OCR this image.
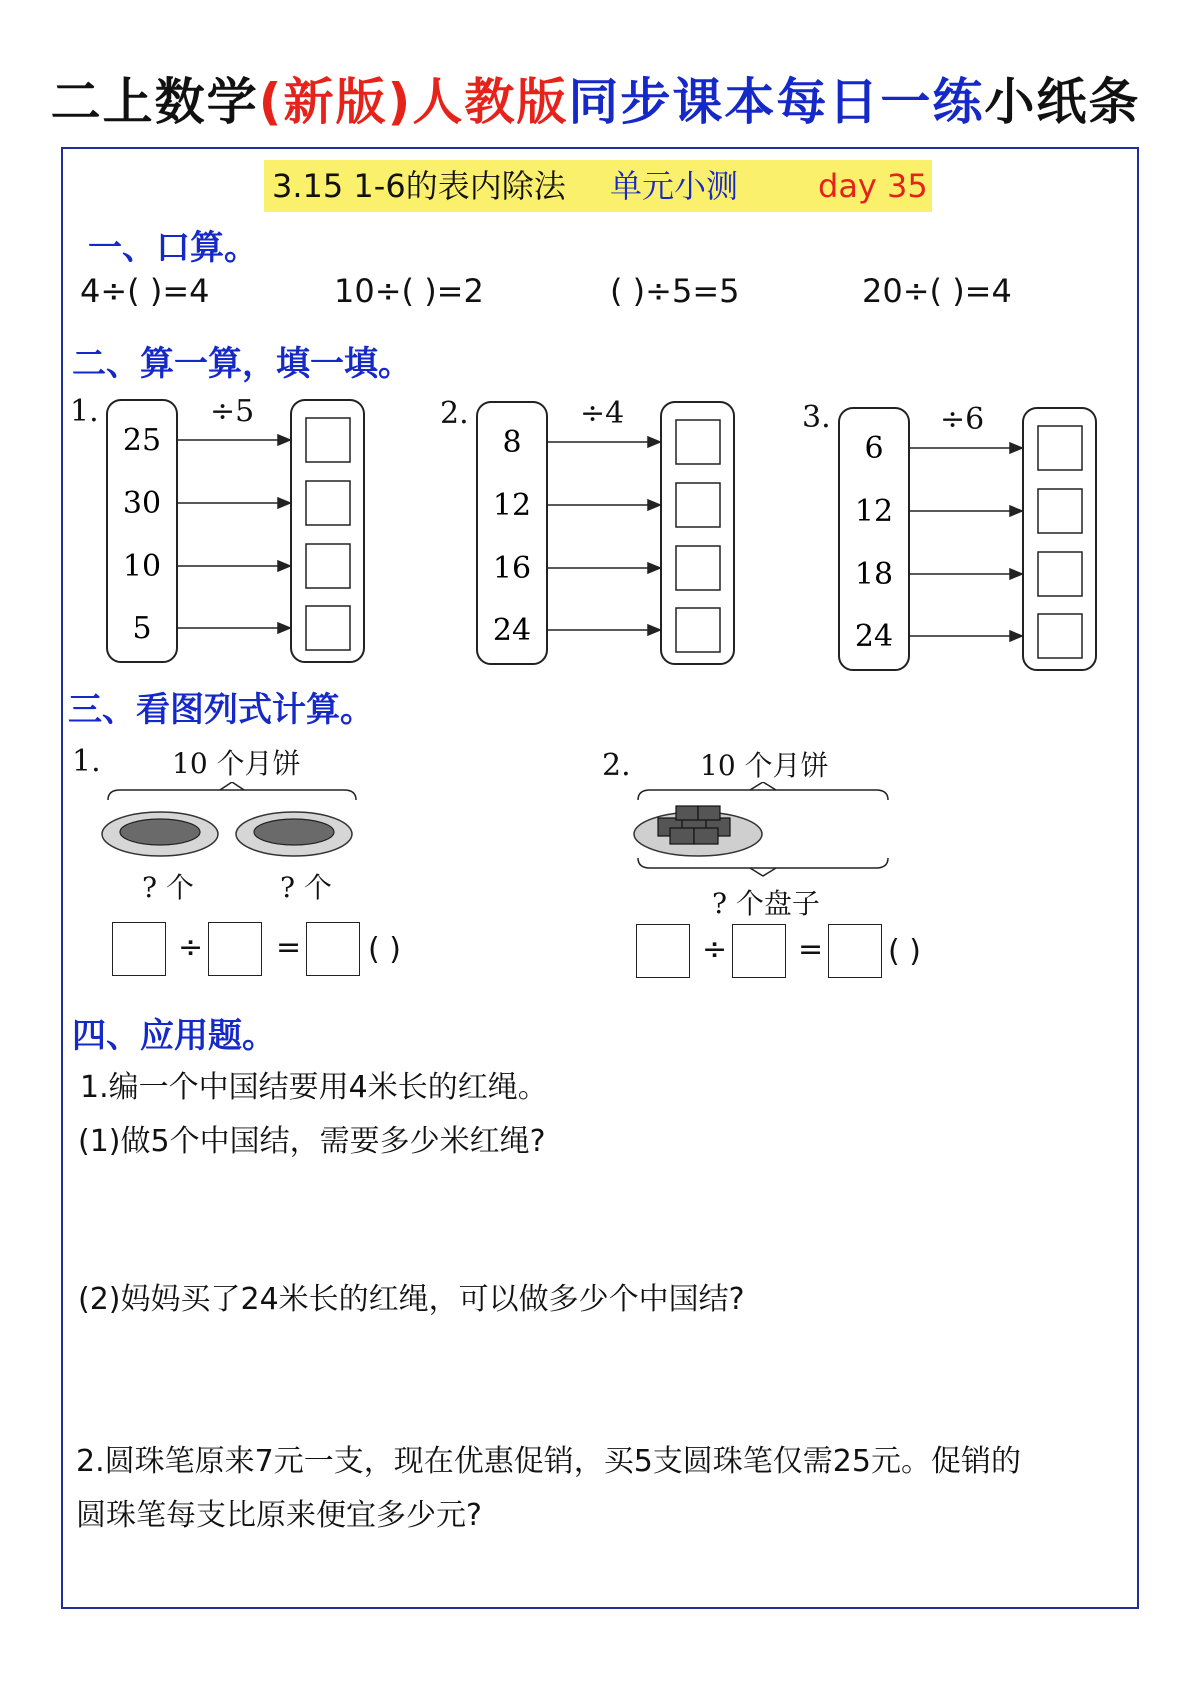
二上数学(新版)人教版同步课本每日一练小纸条
3.15 1-6的表内除法 单元小测 day 35
一、口算。
4÷( )=4	10÷( )=2	( )÷5=5	20÷( )=4
二、算一算，填一填。
1.	÷5
25
30
10
5
2.	÷4
8
12
16
24
3.	÷6
6
12
18
24
三、看图列式计算。
1.	10 个月饼
? 个	? 个
÷ = ( )
2. 10 个月饼
? 个盘子
÷ = ( )
四、应用题。
1.编一个中国结要用4米长的红绳。
(1)做5个中国结，需要多少米红绳?
(2)妈妈买了24米长的红绳，可以做多少个中国结?
2.圆珠笔原来7元一支，现在优惠促销，买5支圆珠笔仅需25元。促销的
圆珠笔每支比原来便宜多少元?
